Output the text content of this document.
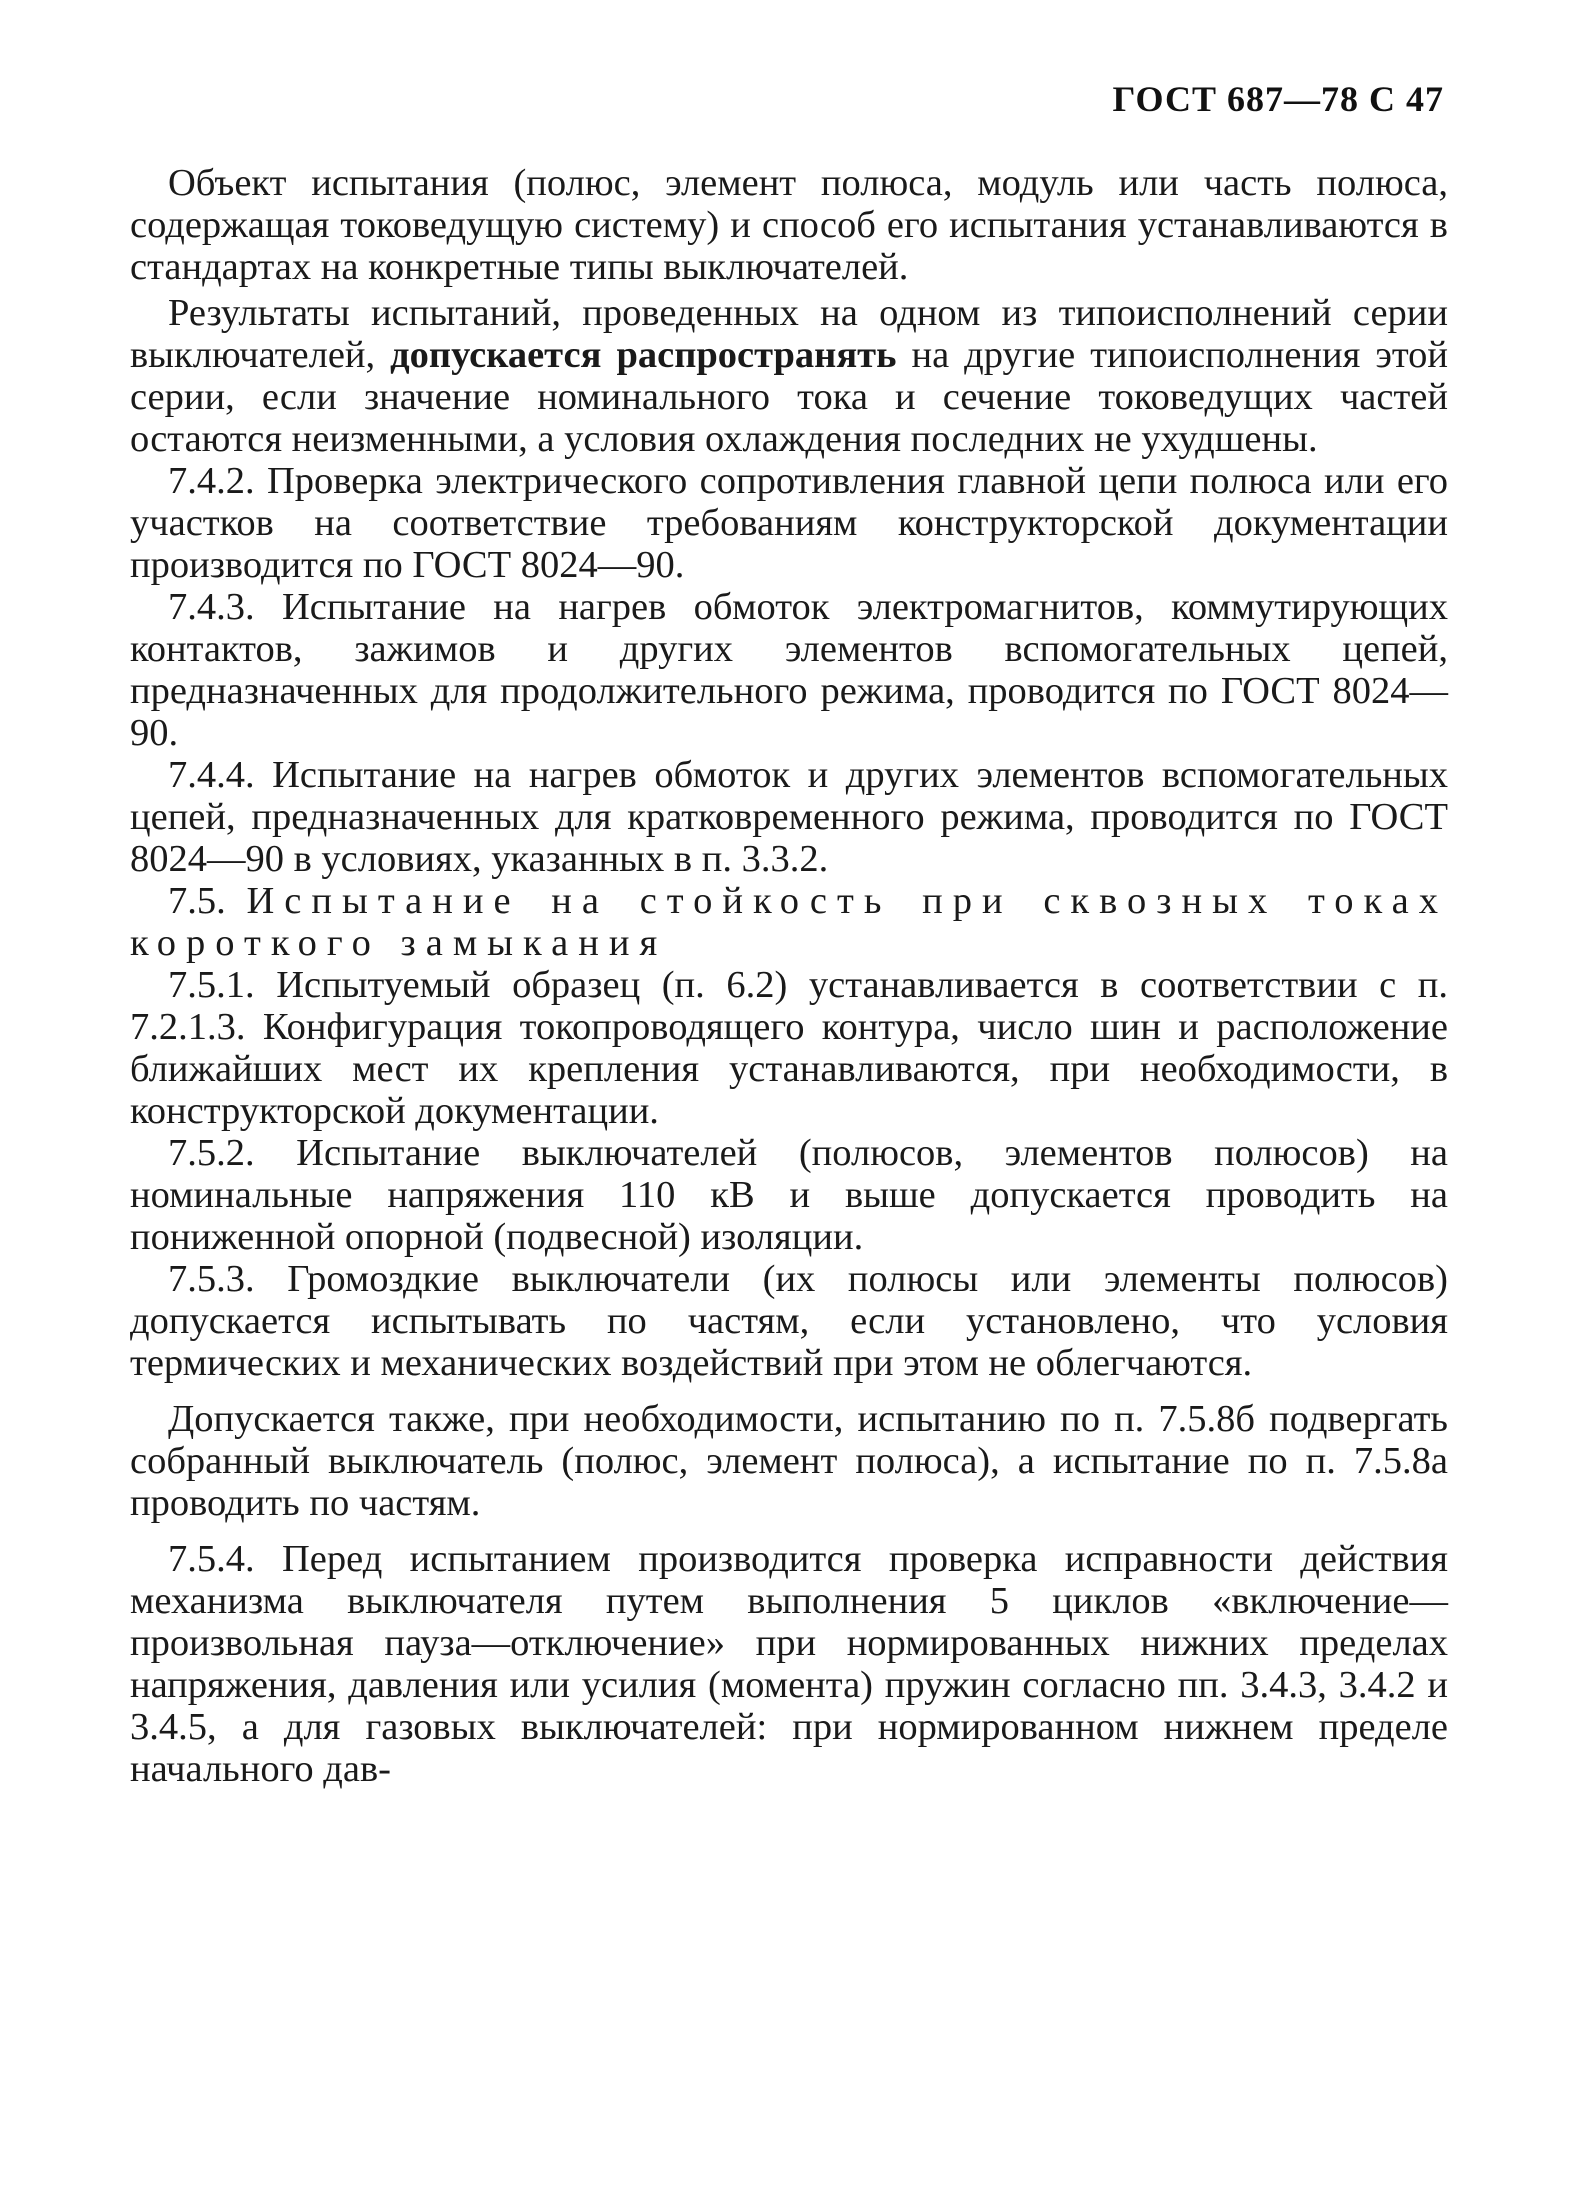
ГОСТ 687—78 С 47

Объект испытания (полюс, элемент полюса, модуль или часть полюса, содержащая токоведущую систему) и способ его испытания устанавливаются в стандартах на конкретные типы выключателей.

Результаты испытаний, проведенных на одном из типоисполнений серии выключателей, допускается распространять на другие типоисполнения этой серии, если значение номинального тока и сечение токоведущих частей остаются неизменными, а условия охлаждения последних не ухудшены.

7.4.2. Проверка электрического сопротивления главной цепи полюса или его участков на соответствие требованиям конструкторской документации производится по ГОСТ 8024—90.

7.4.3. Испытание на нагрев обмоток электромагнитов, коммутирующих контактов, зажимов и других элементов вспомогательных цепей, предназначенных для продолжительного режима, проводится по ГОСТ 8024—90.

7.4.4. Испытание на нагрев обмоток и других элементов вспомогательных цепей, предназначенных для кратковременного режима, проводится по ГОСТ 8024—90 в условиях, указанных в п. 3.3.2.

7.5. Испытание на стойкость при сквозных токах короткого замыкания

7.5.1. Испытуемый образец (п. 6.2) устанавливается в соответствии с п. 7.2.1.3. Конфигурация токопроводящего контура, число шин и расположение ближайших мест их крепления устанавливаются, при необходимости, в конструкторской документации.

7.5.2. Испытание выключателей (полюсов, элементов полюсов) на номинальные напряжения 110 кВ и выше допускается проводить на пониженной опорной (подвесной) изоляции.

7.5.3. Громоздкие выключатели (их полюсы или элементы полюсов) допускается испытывать по частям, если установлено, что условия термических и механических воздействий при этом не облегчаются.

Допускается также, при необходимости, испытанию по п. 7.5.8б подвергать собранный выключатель (полюс, элемент полюса), а испытание по п. 7.5.8а проводить по частям.

7.5.4. Перед испытанием производится проверка исправности действия механизма выключателя путем выполнения 5 циклов «включение—произвольная пауза—отключение» при нормированных нижних пределах напряжения, давления или усилия (момента) пружин согласно пп. 3.4.3, 3.4.2 и 3.4.5, а для газовых выключателей: при нормированном нижнем пределе начального дав-
